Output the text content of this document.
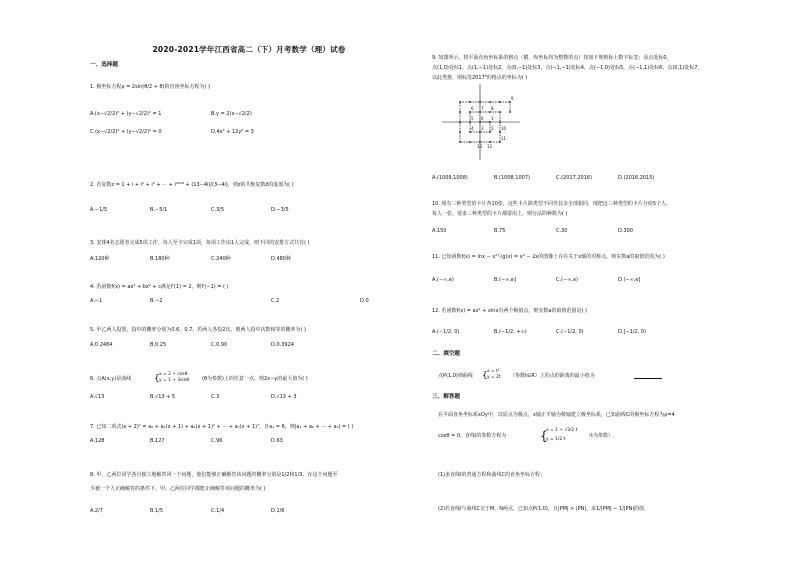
2020-2021学年江西省高二（下）月考数学（理）试卷
一、选择题
1. 极坐标方程ρ = 2sin(θ/2 + θ)的直角坐标方程为( )
A.(x−√2/2)² + (y−√2/2)² = 1	B.y = 2(x−√2/2)
C.(x−√2/2)² + (y−√2/2)² = 0	D.4x² + 12y² = 3
2. 若复数z = 1 + i + i² + i³ + ⋯ + i²⁰¹⁸ + (13−4i)/(3−4i)，则z的共轭复数z̄的虚部为( )
A.−1/5	B.−5/1	C.3/5	D.−3/5
3. 安排4名志愿者完成5项工作，每人至少完成1项，每项工作由1人完成，则不同的安排方式共有( )
A.120种	B.180种	C.240种	D.480种
4. 若函数f(x) = ax⁴ + bx² + c满足f′(1) = 2，则f′(−1) = ( )
A.−1	B.−2	C.2	D.0
5. 甲乙两人投篮，投中的概率分别为0.6，0.7，若两人各投2次，则两人投中次数相等的概率为( )
A.0.2484	B.0.25	C.0.90	D.0.3924
6. 点A(x,y)是曲线	{ x = 2 + cosθ
y = 1 + 3sinθ	(θ为参数)上的任意一点，则2x−y的最大值为( )
A.√13	B.√13 + 5	C.3	D.√13 + 3
7. 已知二项式(x + 2)⁷ = a₀ + a₁(x + 1) + a₂(x + 1)² + ⋯ + a₇(x + 1)⁷，且a₁ = 6，则|a₁ + a₂ + ⋯ + a₇| = ( )
A.128	B.127	C.96	D.63
8. 甲、乙两位同学各自独立地解答同一个问题，他们能够正确解答该问题的概率分别是1/2和1/3，在这个问题至
少被一个人正确解答的条件下，甲、乙两位同学都能正确解答该问题的概率为( )
A.2/7	B.1/5	C.1/4	D.1/6
9. 如图所示，将平面直角坐标系的格点（横、纵坐标均为整数的点）按如下规则标上数字标签：原点处标0，
点(1,0)处标1，点(1,−1)处标2，点(0,−1)处标3，点(−1,−1)处标4，点(−1,0)处标5，点(−1,1)处标6，点(0,1)处标7，
以此类推，则标签2017²的格点的坐标为( )
9
2
1
0
3
4
5
6 7 8
13 12
11
10
A.(1009,1008)	B.(1008,1007)	C.(2017,2016)	D.(2016,2015)
10. 现有三种类型的卡片各10张，这些卡片除类型不同外其余全部相同，现把这三种类型的卡片分给5个人，
每人一张，要求三种类型的卡片都要用上，则分法的种数为( )
A.150	B.75	C.30	D.300
11. 已知函数f(x) = lnx − x²与g(x) = x³ − 2x的图像上存在关于x轴的对称点，则实数a的取值范围为( )
A.(−∞,e)	B.(−∞,e]	C.(−∞,e)	D.(−∞,e]
12. 若函数f(x) = ax² + xlnx有两个极值点，则实数a的取值范围是( )
A.(−1/2, 0)	B.(−1/2, +∞)	C.(−1/2, 0)	D.[−1/2, 0)
二、填空题
点P(1,0)到曲线 { x = t²
y = 2t （参数t∈R）上的点的距离的最小值为
三、解答题
在平面直角坐标系xOy中，以原点为极点，x轴正半轴为极轴建立极坐标系，已知曲线C的极坐标方程为ρ=4
cosθ = 0，直线l的参数方程为	{
x = 1 + √3/2 t
y = 1/2 t
（t为参数）.
(1)求直线l的普通方程和曲线C的直角坐标方程；
(2)若直线l与曲线C交于M，N两点，已知点P(1,0)，且|PM| > |PN|，求1/|PM| − 1/|PN|的值.
